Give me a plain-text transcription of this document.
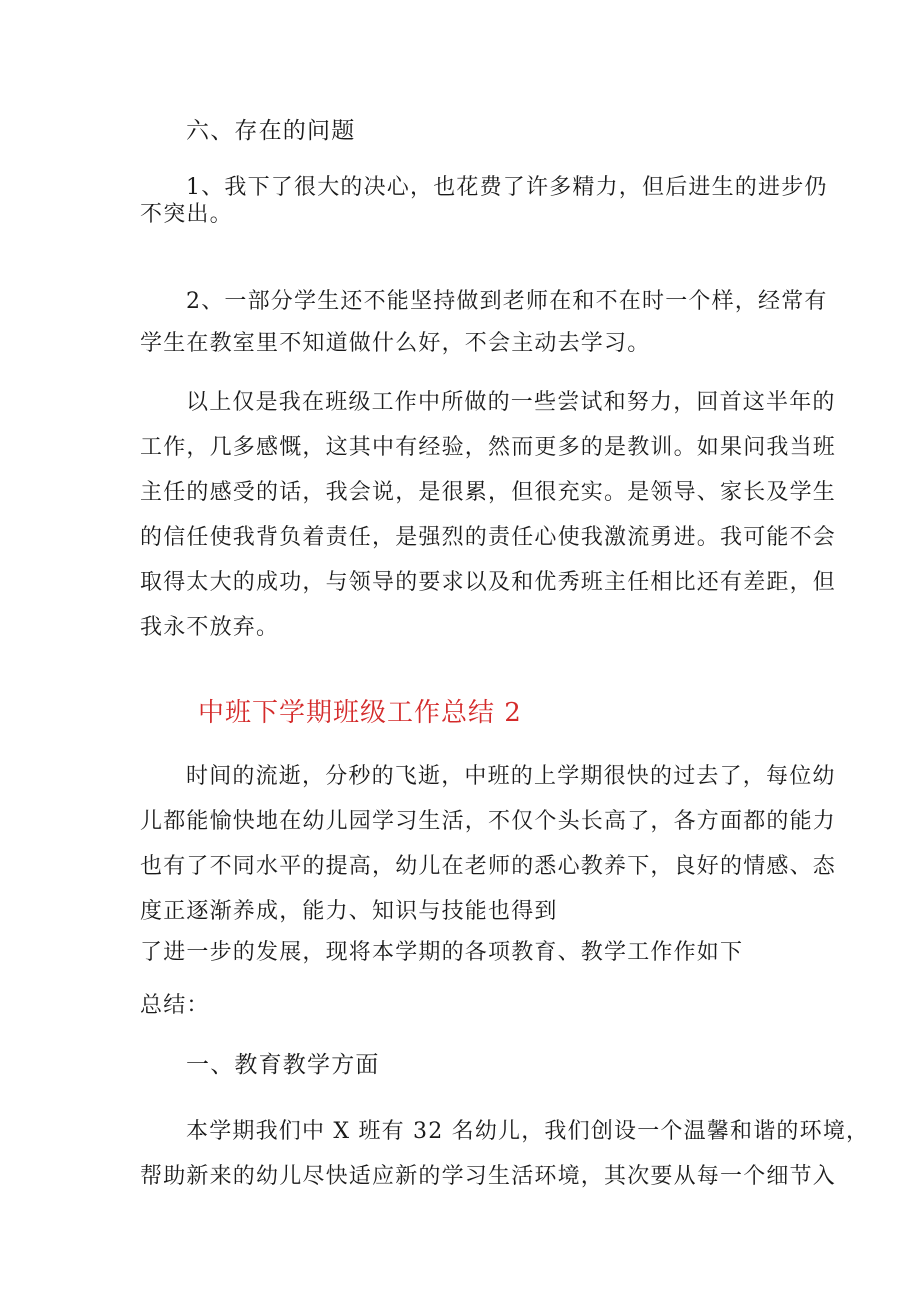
六、存在的问题
1、我下了很大的决心，也花费了许多精力，但后进生的进步仍
不突出。
2、一部分学生还不能坚持做到老师在和不在时一个样，经常有
学生在教室里不知道做什么好，不会主动去学习。
以上仅是我在班级工作中所做的一些尝试和努力，回首这半年的
工作，几多感慨，这其中有经验，然而更多的是教训。如果问我当班
主任的感受的话，我会说，是很累，但很充实。是领导、家长及学生
的信任使我背负着责任，是强烈的责任心使我激流勇进。我可能不会
取得太大的成功，与领导的要求以及和优秀班主任相比还有差距，但
我永不放弃。
中班下学期班级工作总结 2
时间的流逝，分秒的飞逝，中班的上学期很快的过去了，每位幼
儿都能愉快地在幼儿园学习生活，不仅个头长高了，各方面都的能力
也有了不同水平的提高，幼儿在老师的悉心教养下，良好的情感、态
度正逐渐养成，能力、知识与技能也得到
了进一步的发展，现将本学期的各项教育、教学工作作如下
总结：
一、教育教学方面
本学期我们中 X 班有 32 名幼儿，我们创设一个温馨和谐的环境，
帮助新来的幼儿尽快适应新的学习生活环境，其次要从每一个细节入
